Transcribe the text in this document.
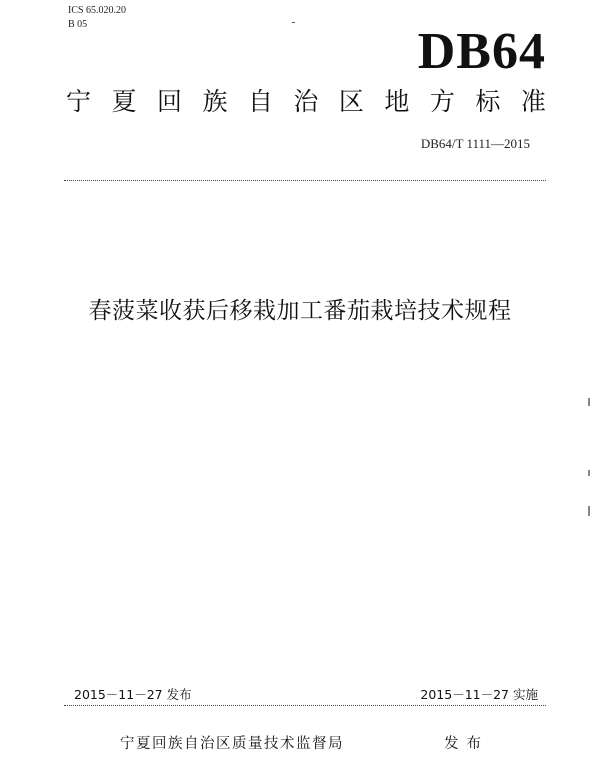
ICS 65.020.20
B 05	DB64
宁 夏 回 族 自 治 区 地 方 标 准
DB64/T 1111—2015
春菠菜收获后移栽加工番茄栽培技术规程
2015－11－27 发布	2015－11－27 实施
宁夏回族自治区质量技术监督局	发布
